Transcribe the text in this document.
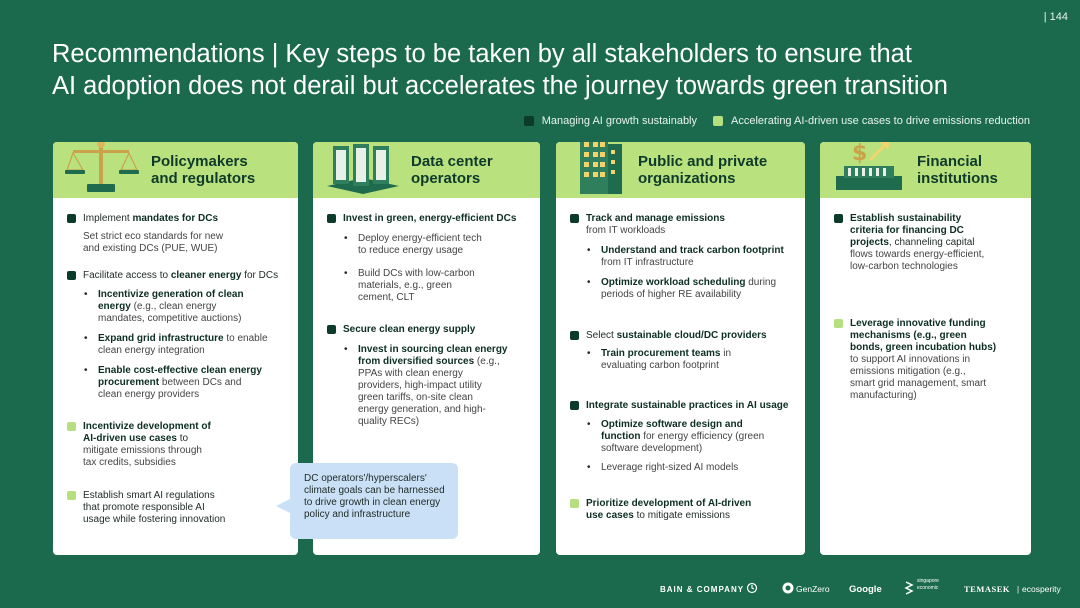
| 144
Recommendations | Key steps to be taken by all stakeholders to ensure that
AI adoption does not derail but accelerates the journey towards green transition
Managing AI growth sustainably	Accelerating AI-driven use cases to drive emissions reduction
Policymakers
and regulators
Implement mandates for DCs
Set strict eco standards for new
and existing DCs (PUE, WUE)
Facilitate access to cleaner energy for DCs
• Incentivize generation of clean
energy (e.g., clean energy
mandates, competitive auctions)
• Expand grid infrastructure to enable
clean energy integration
• Enable cost-effective clean energy
procurement between DCs and
clean energy providers
Incentivize development of
AI-driven use cases to
mitigate emissions through
tax credits, subsidies
Establish smart AI regulations
that promote responsible AI
usage while fostering innovation
Data center
operators
Invest in green, energy-efficient DCs
• Deploy energy-efficient tech
to reduce energy usage
• Build DCs with low-carbon
materials, e.g., green
cement, CLT
Secure clean energy supply
• Invest in sourcing clean energy
from diversified sources (e.g.,
PPAs with clean energy
providers, high-impact utility
green tariffs, on-site clean
energy generation, and high-
quality RECs)
Public and private
organizations
Track and manage emissions
from IT workloads
• Understand and track carbon footprint
from IT infrastructure
• Optimize workload scheduling during
periods of higher RE availability
Select sustainable cloud/DC providers
• Train procurement teams in
evaluating carbon footprint
Integrate sustainable practices in AI usage
• Optimize software design and
function for energy efficiency (green
software development)
• Leverage right-sized AI models
Prioritize development of AI-driven
use cases to mitigate emissions
$	Financial
institutions
Establish sustainability
criteria for financing DC
projects, channeling capital
flows towards energy-efficient,
low-carbon technologies
Leverage innovative funding
mechanisms (e.g., green
bonds, green incubation hubs)
to support AI innovations in
emissions mitigation (e.g.,
smart grid management, smart
manufacturing)
DC operators'/hyperscalers'
climate goals can be harnessed
to drive growth in clean energy
policy and infrastructure
BAIN & COMPANY	GenZero Google
singapore
economic	TEMASEK | ecosperity
